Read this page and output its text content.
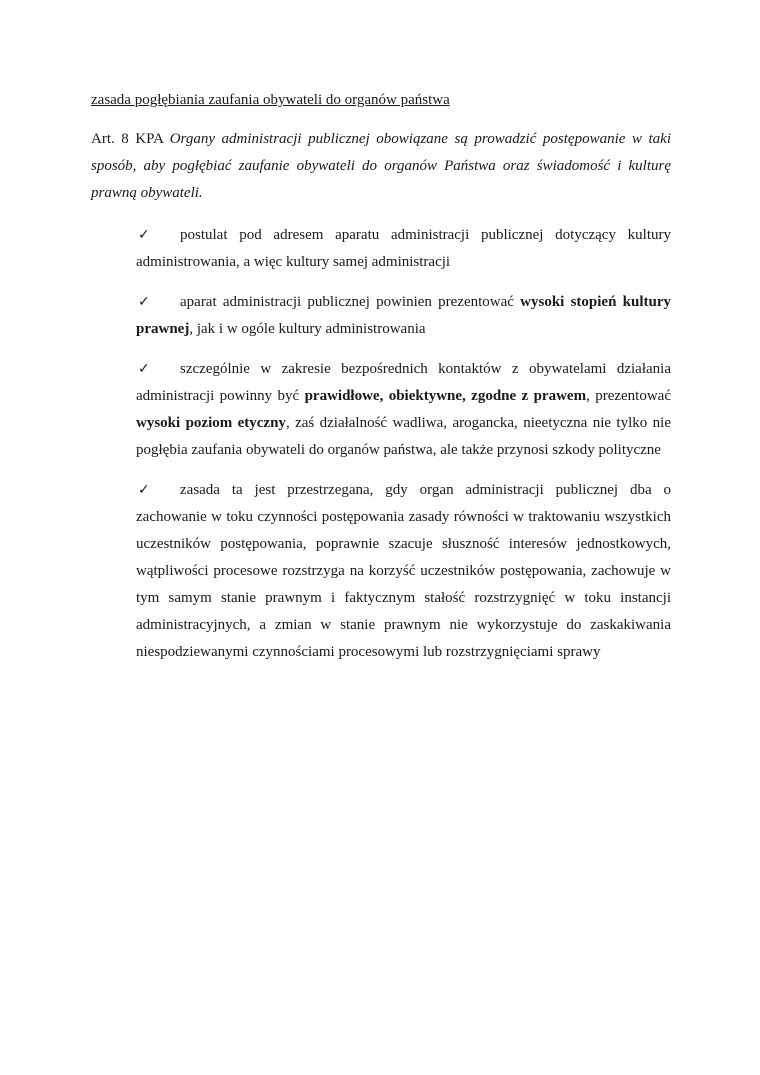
zasada pogłębiania zaufania obywateli do organów państwa

Art. 8 KPA Organy administracji publicznej obowiązane są prowadzić postępowanie w taki sposób, aby pogłębiać zaufanie obywateli do organów Państwa oraz świadomość i kulturę prawną obywateli.

✓ postulat pod adresem aparatu administracji publicznej dotyczący kultury administrowania, a więc kultury samej administracji
✓ aparat administracji publicznej powinien prezentować wysoki stopień kultury prawnej, jak i w ogóle kultury administrowania
✓ szczególnie w zakresie bezpośrednich kontaktów z obywatelami działania administracji powinny być prawidłowe, obiektywne, zgodne z prawem, prezentować wysoki poziom etyczny, zaś działalność wadliwa, arogancka, nieetyczna nie tylko nie pogłębia zaufania obywateli do organów państwa, ale także przynosi szkody polityczne
✓ zasada ta jest przestrzegana, gdy organ administracji publicznej dba o zachowanie w toku czynności postępowania zasady równości w traktowaniu wszystkich uczestników postępowania, poprawnie szacuje słuszność interesów jednostkowych, wątpliwości procesowe rozstrzyga na korzyść uczestników postępowania, zachowuje w tym samym stanie prawnym i faktycznym stałość rozstrzygnięć w toku instancji administracyjnych, a zmian w stanie prawnym nie wykorzystuje do zaskakiwania niespodziewanymi czynnościami procesowymi lub rozstrzygnięciami sprawy
